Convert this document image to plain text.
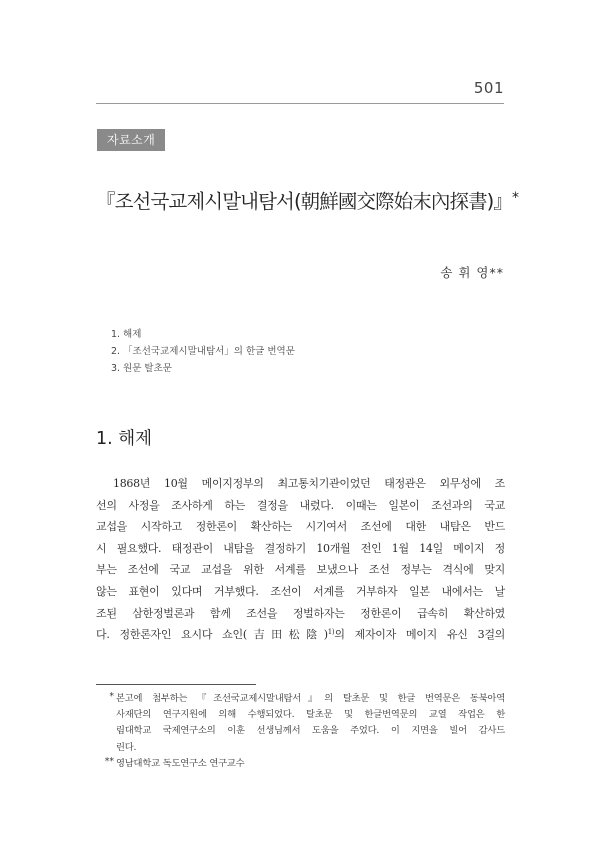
501
자료소개
『조선국교제시말내탐서(朝鮮國交際始末內探書)』*
송 휘 영**
1. 해제
2. 「조선국교제시말내탐서」의 한글 번역문
3. 원문 탈초문
1. 해제
1868년 10월 메이지정부의 최고통치기관이었던 태정관은 외무성에 조
선의 사정을 조사하게 하는 결정을 내렸다. 이때는 일본이 조선과의 국교
교섭을 시작하고 정한론이 확산하는 시기여서 조선에 대한 내탐은 반드
시 필요했다. 태정관이 내탐을 결정하기 10개월 전인 1월 14일 메이지 정
부는 조선에 국교 교섭을 위한 서계를 보냈으나 조선 정부는 격식에 맞지
않는 표현이 있다며 거부했다. 조선이 서계를 거부하자 일본 내에서는 날
조된 삼한정벌론과 함께 조선을 정벌하자는 정한론이 급속히 확산하였
다. 정한론자인 요시다 쇼인(吉田松陰)$^{1)}$의 제자이자 메이지 유신 3걸의
* 본고에 첨부하는 『조선국교제시말내탐서』의 탈초문 및 한글 번역문은 동북아역
사재단의 연구지원에 의해 수행되었다. 탈초문 및 한글번역문의 교열 작업은 한
림대학교 국제연구소의 이훈 선생님께서 도움을 주었다. 이 지면을 빌어 감사드
린다.
** 영남대학교 독도연구소 연구교수
